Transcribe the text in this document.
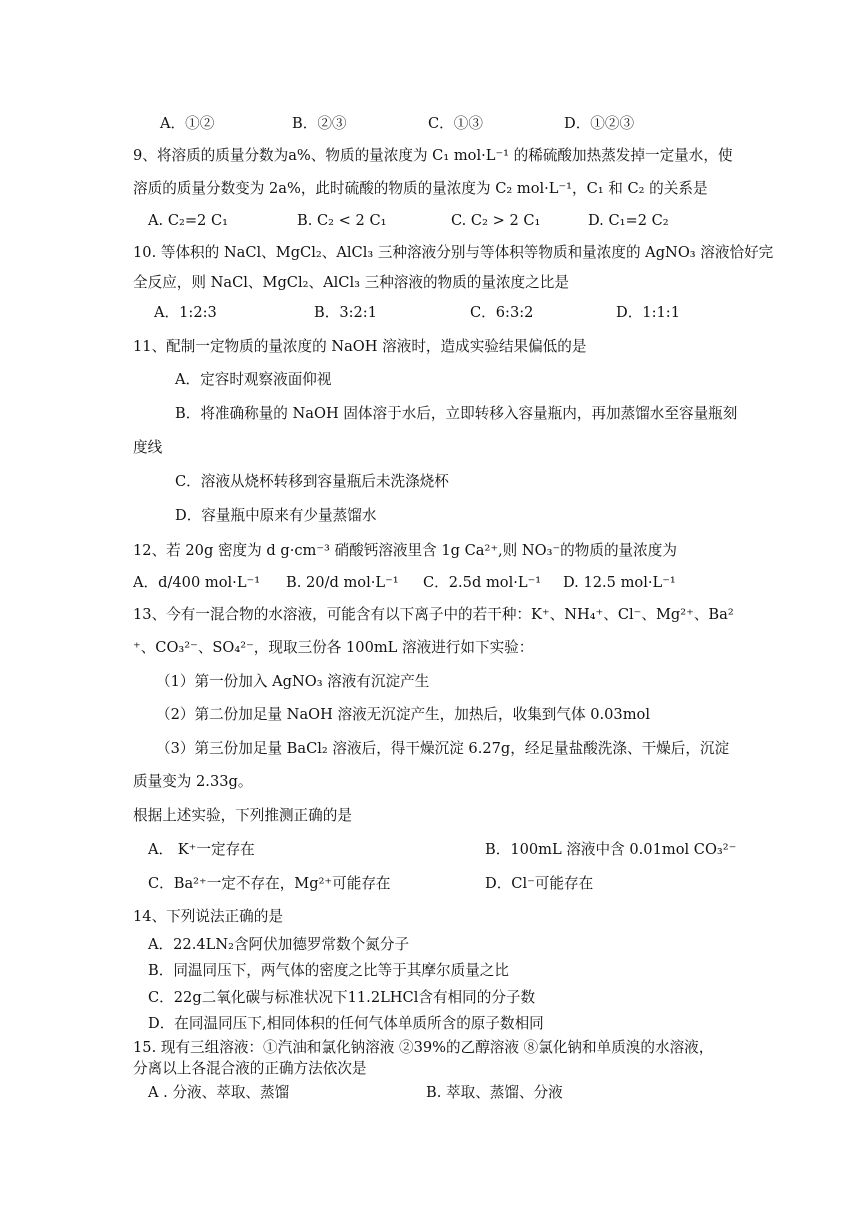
A．①②	B．②③	C．①③	D．①②③
9、将溶质的质量分数为a%、物质的量浓度为 C₁ mol·L⁻¹ 的稀硫酸加热蒸发掉一定量水，使
溶质的质量分数变为 2a%，此时硫酸的物质的量浓度为 C₂ mol·L⁻¹，C₁ 和 C₂ 的关系是
A. C₂=2 C₁	B. C₂ < 2 C₁	C. C₂ > 2 C₁	D. C₁=2 C₂
10. 等体积的 NaCl、MgCl₂、AlCl₃ 三种溶液分别与等体积等物质和量浓度的 AgNO₃ 溶液恰好完
全反应，则 NaCl、MgCl₂、AlCl₃ 三种溶液的物质的量浓度之比是
A．1:2:3	B．3:2:1	C．6:3:2	D．1:1:1
11、配制一定物质的量浓度的 NaOH 溶液时，造成实验结果偏低的是
A．定容时观察液面仰视
B．将准确称量的 NaOH 固体溶于水后，立即转移入容量瓶内，再加蒸馏水至容量瓶刻
度线
C．溶液从烧杯转移到容量瓶后未洗涤烧杯
D．容量瓶中原来有少量蒸馏水
12、若 20g 密度为 d g·cm⁻³ 硝酸钙溶液里含 1g Ca²⁺,则 NO₃⁻的物质的量浓度为
A．d/400 mol·L⁻¹ B. 20/d mol·L⁻¹ C．2.5d mol·L⁻¹ D. 12.5 mol·L⁻¹
13、今有一混合物的水溶液，可能含有以下离子中的若干种：K⁺、NH₄⁺、Cl⁻、Mg²⁺、Ba²
⁺、CO₃²⁻、SO₄²⁻，现取三份各 100mL 溶液进行如下实验：
（1）第一份加入 AgNO₃ 溶液有沉淀产生
（2）第二份加足量 NaOH 溶液无沉淀产生，加热后，收集到气体 0.03mol
（3）第三份加足量 BaCl₂ 溶液后，得干燥沉淀 6.27g，经足量盐酸洗涤、干燥后，沉淀
质量变为 2.33g。
根据上述实验，下列推测正确的是
A． K⁺一定存在	B．100mL 溶液中含 0.01mol CO₃²⁻
C．Ba²⁺一定不存在，Mg²⁺可能存在	D．Cl⁻可能存在
14、下列说法正确的是
A．22.4LN₂含阿伏加德罗常数个氮分子
B．同温同压下，两气体的密度之比等于其摩尔质量之比
C．22g二氧化碳与标准状况下11.2LHCl含有相同的分子数
D．在同温同压下,相同体积的任何气体单质所含的原子数相同
15. 现有三组溶液：①汽油和氯化钠溶液 ②39%的乙醇溶液 ⑧氯化钠和单质溴的水溶液，
分离以上各混合液的正确方法依次是
A . 分液、萃取、蒸馏	B. 萃取、蒸馏、分液
